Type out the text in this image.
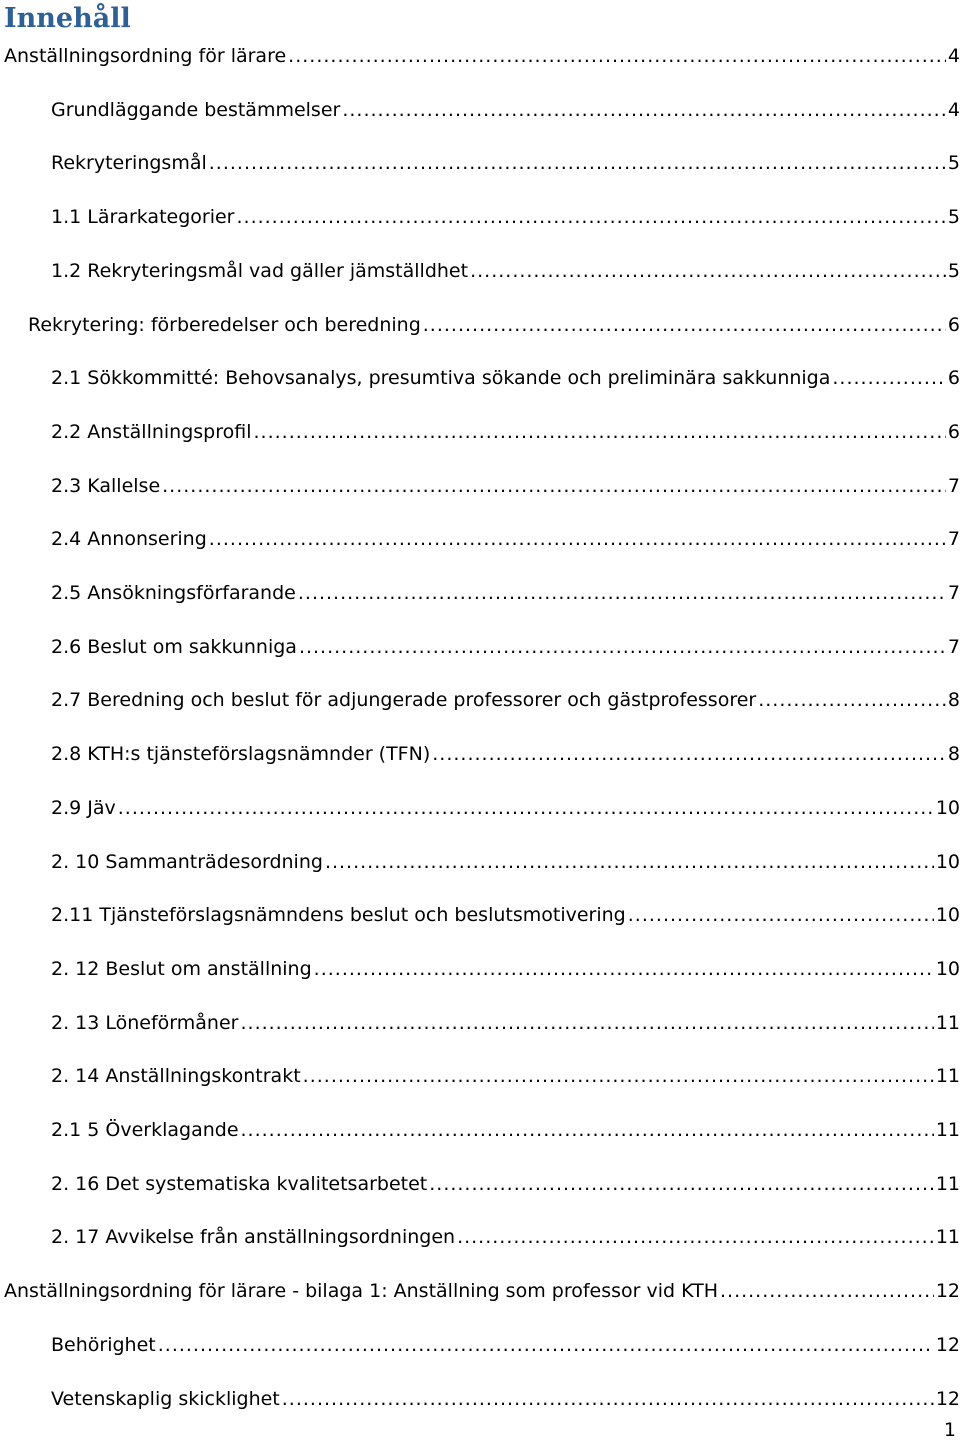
Innehåll
Anställningsordning för lärare .....	4
Grundläggande bestämmelser .....	4
Rekryteringsmål .....	5
1.1 Lärarkategorier .....	5
1.2 Rekryteringsmål vad gäller jämställdhet .....	5
Rekrytering: förberedelser och beredning .....	6
2.1 Sökkommitté: Behovsanalys, presumtiva sökande och preliminära sakkunniga .....	6
2.2 Anställningsprofil .....	6
2.3 Kallelse .....	7
2.4 Annonsering .....	7
2.5 Ansökningsförfarande .....	7
2.6 Beslut om sakkunniga .....	7
2.7 Beredning och beslut för adjungerade professorer och gästprofessorer .....	8
2.8 KTH:s tjänsteförslagsnämnder (TFN) .....	8
2.9 Jäv .....	10
2. 10 Sammanträdesordning .....	10
2.11 Tjänsteförslagsnämndens beslut och beslutsmotivering .....	10
2. 12 Beslut om anställning .....	10
2. 13 Löneförmåner .....	11
2. 14 Anställningskontrakt .....	11
2.1 5 Överklagande .....	11
2. 16 Det systematiska kvalitetsarbetet .....	11
2. 17 Avvikelse från anställningsordningen .....	11
Anställningsordning för lärare - bilaga 1: Anställning som professor vid KTH .....	12
Behörighet .....	12
Vetenskaplig skicklighet .....	12
1
